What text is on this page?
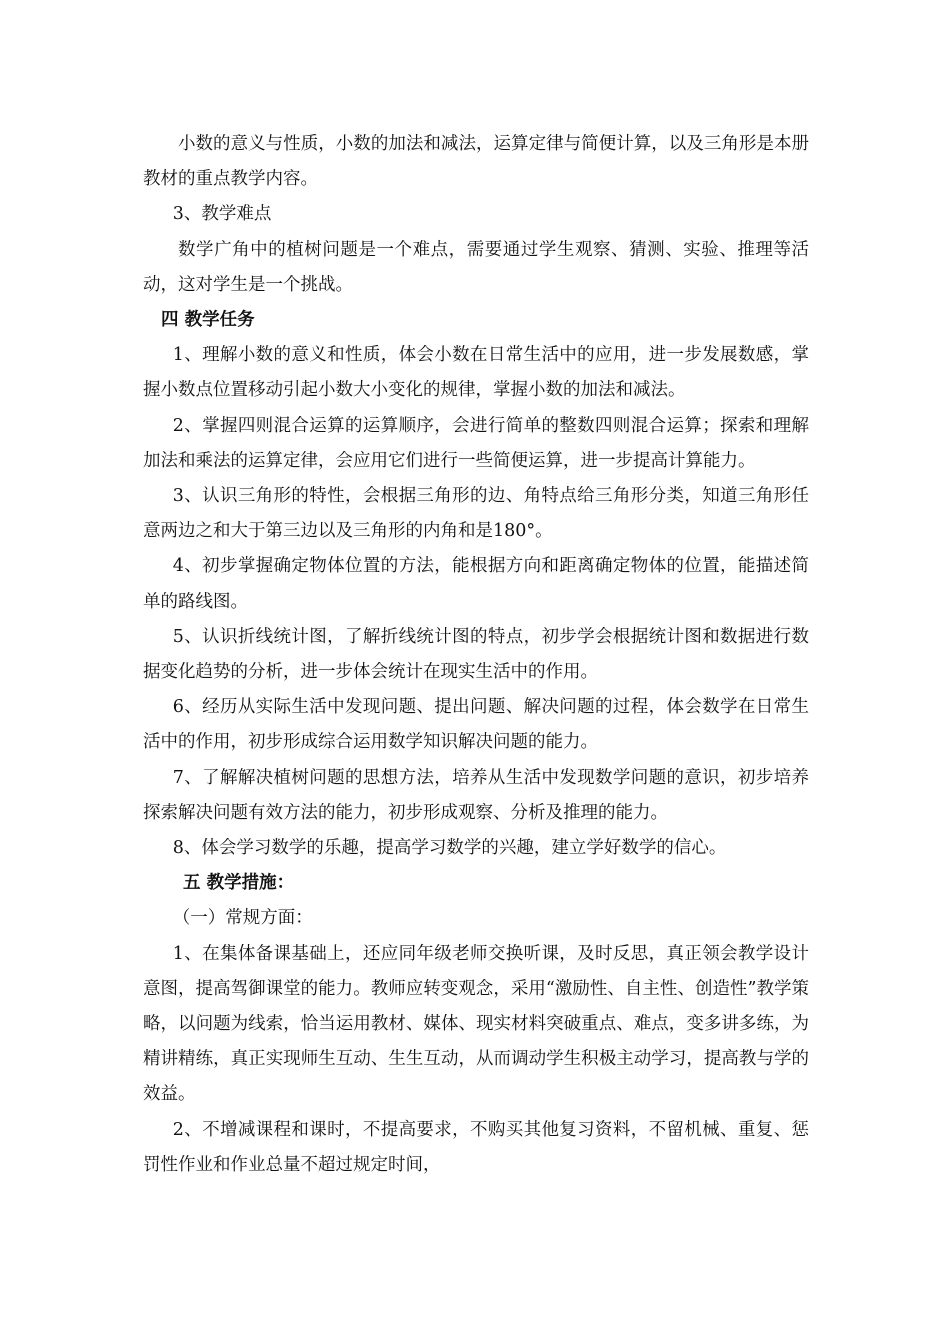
小数的意义与性质，小数的加法和减法，运算定律与简便计算，以及三角形是本册教材的重点教学内容。

3、教学难点

数学广角中的植树问题是一个难点，需要通过学生观察、猜测、实验、推理等活动，这对学生是一个挑战。

四 教学任务

1、理解小数的意义和性质，体会小数在日常生活中的应用，进一步发展数感，掌握小数点位置移动引起小数大小变化的规律，掌握小数的加法和减法。

2、掌握四则混合运算的运算顺序，会进行简单的整数四则混合运算；探索和理解加法和乘法的运算定律，会应用它们进行一些简便运算，进一步提高计算能力。

3、认识三角形的特性，会根据三角形的边、角特点给三角形分类，知道三角形任意两边之和大于第三边以及三角形的内角和是180°。

4、初步掌握确定物体位置的方法，能根据方向和距离确定物体的位置，能描述简单的路线图。

5、认识折线统计图，了解折线统计图的特点，初步学会根据统计图和数据进行数据变化趋势的分析，进一步体会统计在现实生活中的作用。

6、经历从实际生活中发现问题、提出问题、解决问题的过程，体会数学在日常生活中的作用，初步形成综合运用数学知识解决问题的能力。

7、了解解决植树问题的思想方法，培养从生活中发现数学问题的意识，初步培养探索解决问题有效方法的能力，初步形成观察、分析及推理的能力。

8、体会学习数学的乐趣，提高学习数学的兴趣，建立学好数学的信心。

五 教学措施：

（一）常规方面：

1、在集体备课基础上，还应同年级老师交换听课，及时反思，真正领会教学设计意图，提高驾御课堂的能力。教师应转变观念，采用“激励性、自主性、创造性”教学策略，以问题为线索，恰当运用教材、媒体、现实材料突破重点、难点，变多讲多练，为精讲精练，真正实现师生互动、生生互动，从而调动学生积极主动学习，提高教与学的效益。

2、不增减课程和课时，不提高要求，不购买其他复习资料，不留机械、重复、惩罚性作业和作业总量不超过规定时间，
